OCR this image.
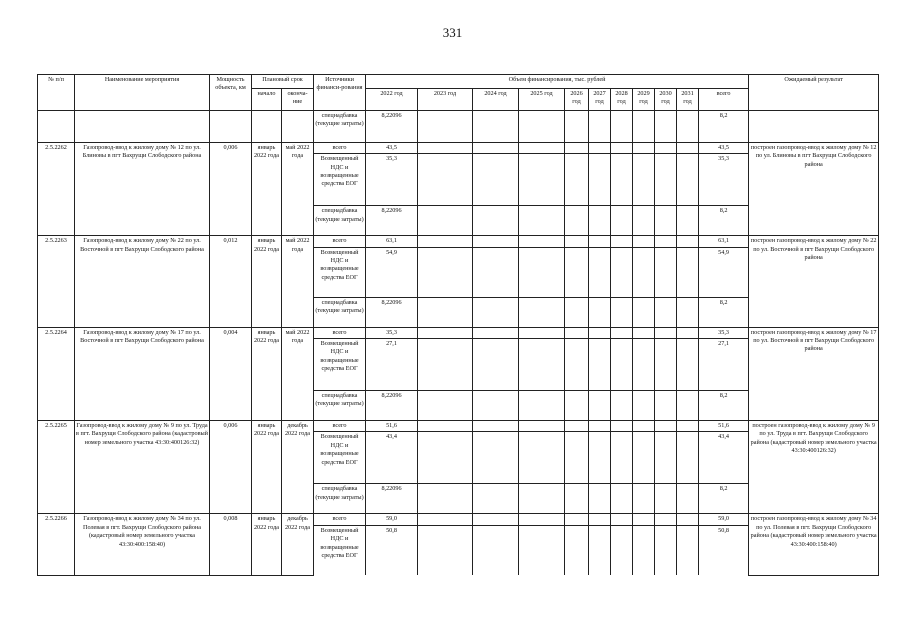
331
№ п/п	Наименование мероприятия	Мощность объекта, км	Плановый срок		Источники финанси-рования	Объем финансирования, тыс. рублей											Ожидаемый результат
			начало	оконча-ние		2022 год	2023 год	2024 год	2025 год	2026 год	2027 год	2028 год	2029 год	2030 год	2031 год	всего	
					спецнадбавка (текущие затраты)	8,22096										8,2	
2.5.2262	Газопровод-ввод к жилому дому № 12 по ул. Блиновы в пгт Вахрущи Слободского района	0,006	январь 2022 года	май 2022 года	всего	43,5										43,5	построен газопровод-ввод к жилому дому № 12 по ул. Блиновы в пгт Вахрущи Слободского района
					Возмещенный НДС и возвращенные средства ЕОГ	35,3										35,3	
					спецнадбавка (текущие затраты)	8,22096										8,2	
2.5.2263	Газопровод-ввод к жилому дому № 22 по ул. Восточной в пгт Вахрущи Слободского района	0,012	январь 2022 года	май 2022 года	всего	63,1										63,1	построен газопровод-ввод к жилому дому № 22 по ул. Восточной в пгт Вахрущи Слободского района
					Возмещенный НДС и возвращенные средства ЕОГ	54,9										54,9	
					спецнадбавка (текущие затраты)	8,22096										8,2	
2.5.2264	Газопровод-ввод к жилому дому № 17 по ул. Восточной в пгт Вахрущи Слободского района	0,004	январь 2022 года	май 2022 года	всего	35,3										35,3	построен газопровод-ввод к жилому дому № 17 по ул. Восточной в пгт Вахрущи Слободского района
					Возмещенный НДС и возвращенные средства ЕОГ	27,1										27,1	
					спецнадбавка (текущие затраты)	8,22096										8,2	
2.5.2265	Газопровод-ввод к жилому дому № 9 по ул. Труда в пгт. Вахрущи Слободского района (кадастровый номер земельного участка 43:30:400126:32)	0,006	январь 2022 года	декабрь 2022 года	всего	51,6										51,6	построен газопровод-ввод к жилому дому № 9 по ул. Труда в пгт. Вахрущи Слободского района (кадастровый номер земельного участка 43:30:400126:32)
					Возмещенный НДС и возвращенные средства ЕОГ	43,4										43,4	
					спецнадбавка (текущие затраты)	8,22096										8,2	
2.5.2266	Газопровод-ввод к жилому дому № 34 по ул. Полевая в пгт. Вахрущи Слободского района (кадастровый номер земельного участка 43:30:400:158:40)	0,008	январь 2022 года	декабрь 2022 года	всего	59,0										59,0	построен газопровод-ввод к жилому дому № 34 по ул. Полевая в пгт. Вахрущи Слободского района (кадастровый номер земельного участка 43:30:400:158:40)
					Возмещенный НДС и возвращенные средства ЕОГ	50,8										50,8	
